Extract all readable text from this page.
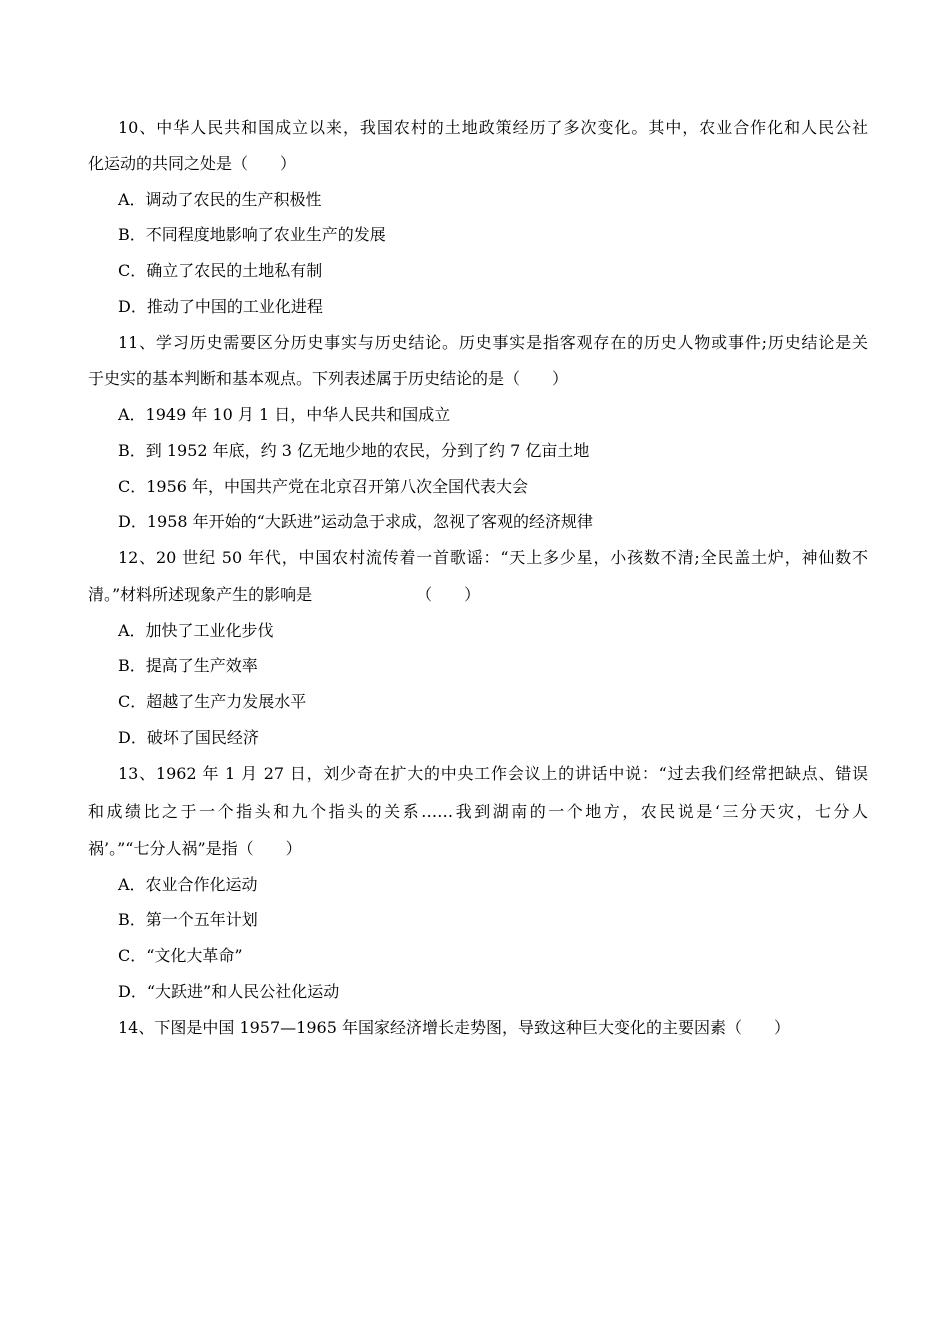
10、中华人民共和国成立以来，我国农村的土地政策经历了多次变化。其中，农业合作化和人民公社
化运动的共同之处是（　　）
A．调动了农民的生产积极性
B．不同程度地影响了农业生产的发展
C．确立了农民的土地私有制
D．推动了中国的工业化进程
11、学习历史需要区分历史事实与历史结论。历史事实是指客观存在的历史人物或事件;历史结论是关
于史实的基本判断和基本观点。下列表述属于历史结论的是（　　）
A．1949 年 10 月 1 日，中华人民共和国成立
B．到 1952 年底，约 3 亿无地少地的农民，分到了约 7 亿亩土地
C．1956 年，中国共产党在北京召开第八次全国代表大会
D．1958 年开始的“大跃进”运动急于求成，忽视了客观的经济规律
12、20 世纪 50 年代，中国农村流传着一首歌谣：“天上多少星，小孩数不清;全民盖土炉，神仙数不
清。”材料所述现象产生的影响是　　　　　　　（　　）
A．加快了工业化步伐
B．提高了生产效率
C．超越了生产力发展水平
D．破坏了国民经济
13、1962 年 1 月 27 日，刘少奇在扩大的中央工作会议上的讲话中说：“过去我们经常把缺点、错误
和成绩比之于一个指头和九个指头的关系……我到湖南的一个地方，农民说是‘三分天灾，七分人
祸’。”“七分人祸”是指（　　）
A．农业合作化运动
B．第一个五年计划
C．“文化大革命”
D．“大跃进”和人民公社化运动
14、下图是中国 1957—1965 年国家经济增长走势图，导致这种巨大变化的主要因素（　　）
